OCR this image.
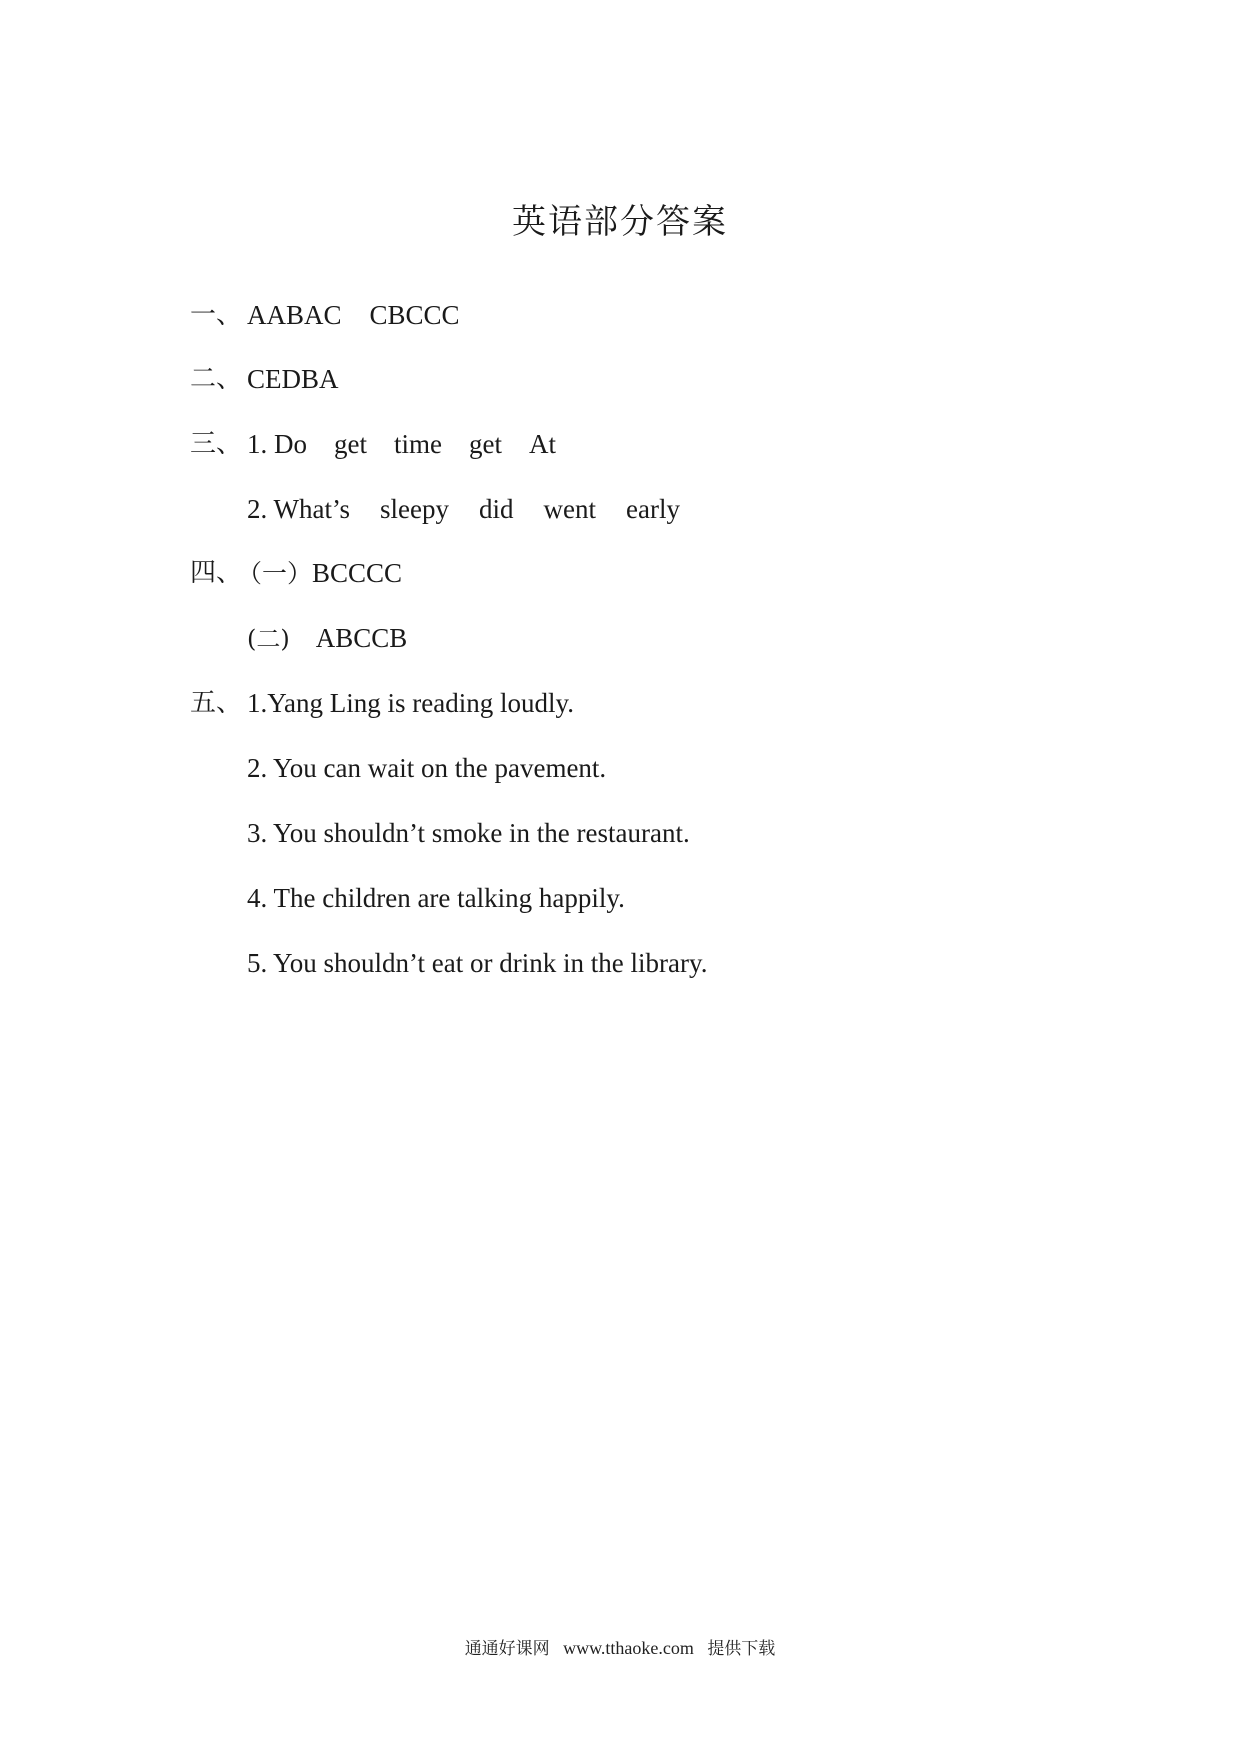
英语部分答案
一、 AABAC CBCCC
二、 CEDBA
三、 1. Do get time get At
2. What’s sleepy did went early
四、
（一）BCCCC
(二) ABCCB
五、 1.Yang Ling is reading loudly.
2. You can wait on the pavement.
3. You shouldn’t smoke in the restaurant.
4. The children are talking happily.
5. You shouldn’t eat or drink in the library.
通通好课网 www.tthaoke.com 提供下载
